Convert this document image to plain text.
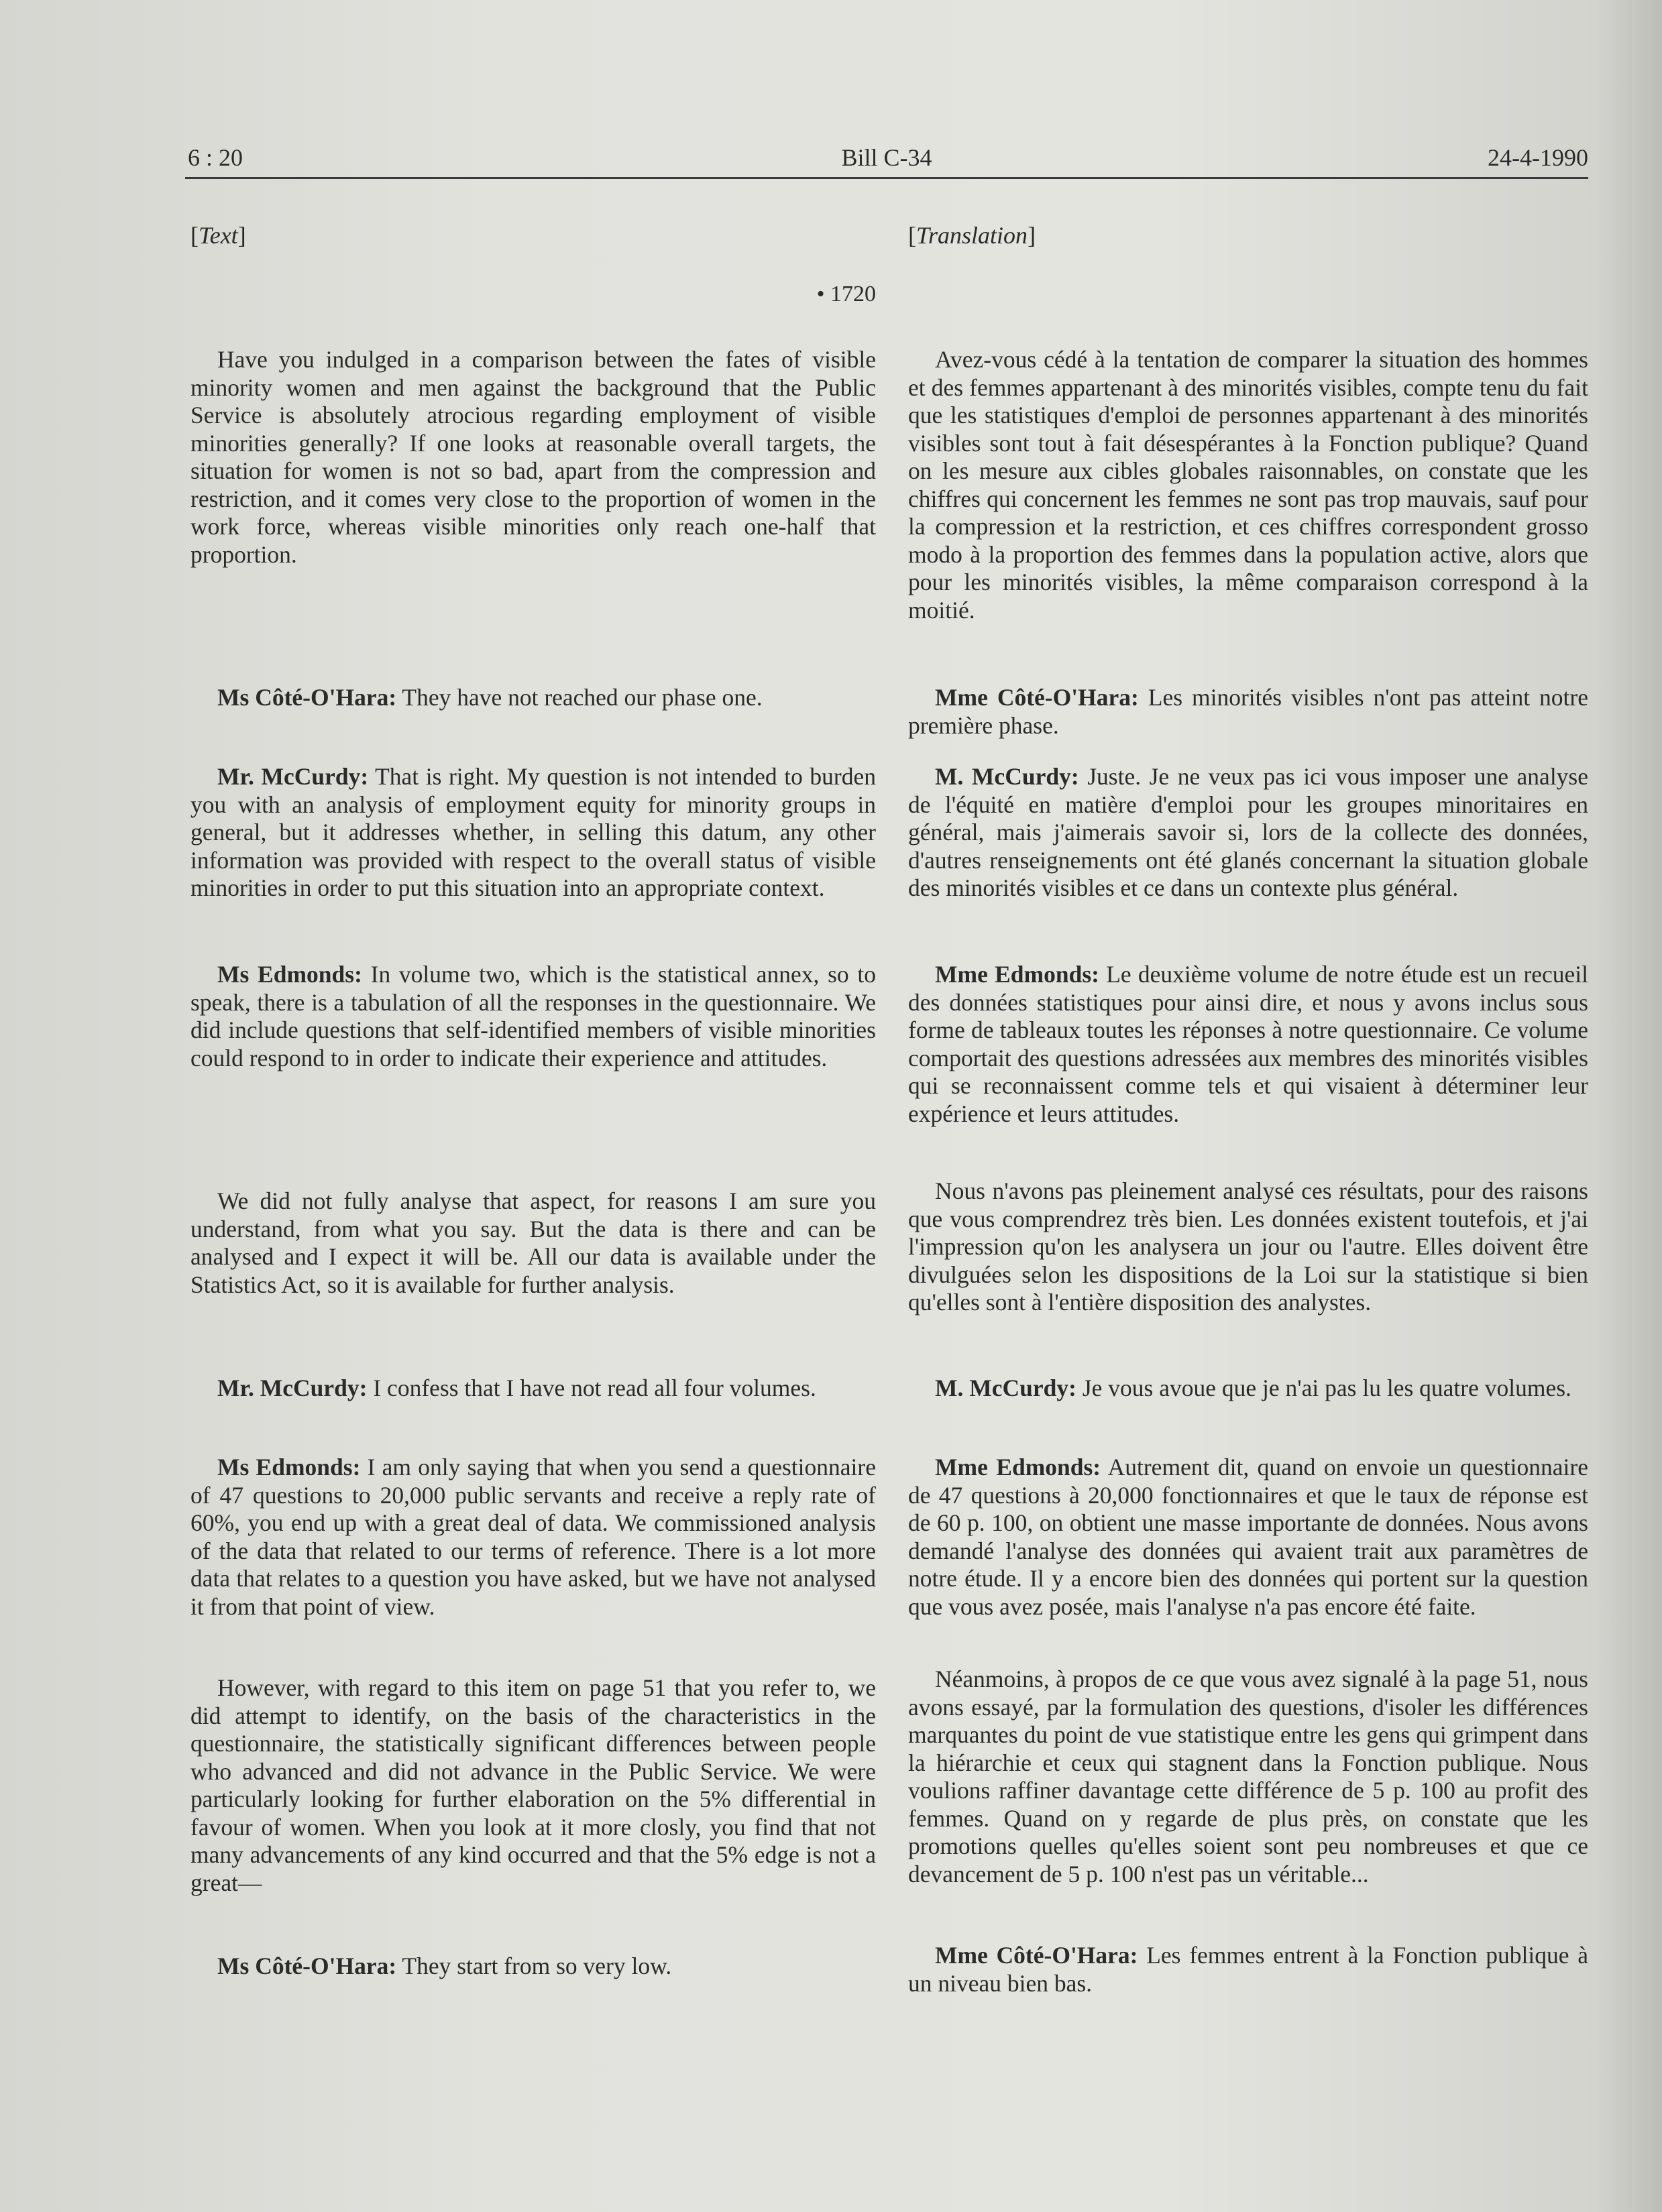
6 : 20	Bill C-34	24-4-1990
[Text]
• 1720

Have you indulged in a comparison between the fates of visible minority women and men against the background that the Public Service is absolutely atrocious regarding employment of visible minorities generally? If one looks at reasonable overall targets, the situation for women is not so bad, apart from the compression and restriction, and it comes very close to the proportion of women in the work force, whereas visible minorities only reach one-half that proportion.

Ms Côté-O'Hara: They have not reached our phase one.

Mr. McCurdy: That is right. My question is not intended to burden you with an analysis of employment equity for minority groups in general, but it addresses whether, in selling this datum, any other information was provided with respect to the overall status of visible minorities in order to put this situation into an appropriate context.

Ms Edmonds: In volume two, which is the statistical annex, so to speak, there is a tabulation of all the responses in the questionnaire. We did include questions that self-identified members of visible minorities could respond to in order to indicate their experience and attitudes.

We did not fully analyse that aspect, for reasons I am sure you understand, from what you say. But the data is there and can be analysed and I expect it will be. All our data is available under the Statistics Act, so it is available for further analysis.

Mr. McCurdy: I confess that I have not read all four volumes.

Ms Edmonds: I am only saying that when you send a questionnaire of 47 questions to 20,000 public servants and receive a reply rate of 60%, you end up with a great deal of data. We commissioned analysis of the data that related to our terms of reference. There is a lot more data that relates to a question you have asked, but we have not analysed it from that point of view.

However, with regard to this item on page 51 that you refer to, we did attempt to identify, on the basis of the characteristics in the questionnaire, the statistically significant differences between people who advanced and did not advance in the Public Service. We were particularly looking for further elaboration on the 5% differential in favour of women. When you look at it more closly, you find that not many advancements of any kind occurred and that the 5% edge is not a great—

Ms Côté-O'Hara: They start from so very low.

[Translation]

Avez-vous cédé à la tentation de comparer la situation des hommes et des femmes appartenant à des minorités visibles, compte tenu du fait que les statistiques d'emploi de personnes appartenant à des minorités visibles sont tout à fait désespérantes à la Fonction publique? Quand on les mesure aux cibles globales raisonnables, on constate que les chiffres qui concernent les femmes ne sont pas trop mauvais, sauf pour la compression et la restriction, et ces chiffres correspondent grosso modo à la proportion des femmes dans la population active, alors que pour les minorités visibles, la même comparaison correspond à la moitié.

Mme Côté-O'Hara: Les minorités visibles n'ont pas atteint notre première phase.

M. McCurdy: Juste. Je ne veux pas ici vous imposer une analyse de l'équité en matière d'emploi pour les groupes minoritaires en général, mais j'aimerais savoir si, lors de la collecte des données, d'autres renseignements ont été glanés concernant la situation globale des minorités visibles et ce dans un contexte plus général.

Mme Edmonds: Le deuxième volume de notre étude est un recueil des données statistiques pour ainsi dire, et nous y avons inclus sous forme de tableaux toutes les réponses à notre questionnaire. Ce volume comportait des questions adressées aux membres des minorités visibles qui se reconnaissent comme tels et qui visaient à déterminer leur expérience et leurs attitudes.

Nous n'avons pas pleinement analysé ces résultats, pour des raisons que vous comprendrez très bien. Les données existent toutefois, et j'ai l'impression qu'on les analysera un jour ou l'autre. Elles doivent être divulguées selon les dispositions de la Loi sur la statistique si bien qu'elles sont à l'entière disposition des analystes.

M. McCurdy: Je vous avoue que je n'ai pas lu les quatre volumes.

Mme Edmonds: Autrement dit, quand on envoie un questionnaire de 47 questions à 20,000 fonctionnaires et que le taux de réponse est de 60 p. 100, on obtient une masse importante de données. Nous avons demandé l'analyse des données qui avaient trait aux paramètres de notre étude. Il y a encore bien des données qui portent sur la question que vous avez posée, mais l'analyse n'a pas encore été faite.

Néanmoins, à propos de ce que vous avez signalé à la page 51, nous avons essayé, par la formulation des questions, d'isoler les différences marquantes du point de vue statistique entre les gens qui grimpent dans la hiérarchie et ceux qui stagnent dans la Fonction publique. Nous voulions raffiner davantage cette différence de 5 p. 100 au profit des femmes. Quand on y regarde de plus près, on constate que les promotions quelles qu'elles soient sont peu nombreuses et que ce devancement de 5 p. 100 n'est pas un véritable...

Mme Côté-O'Hara: Les femmes entrent à la Fonction publique à un niveau bien bas.
